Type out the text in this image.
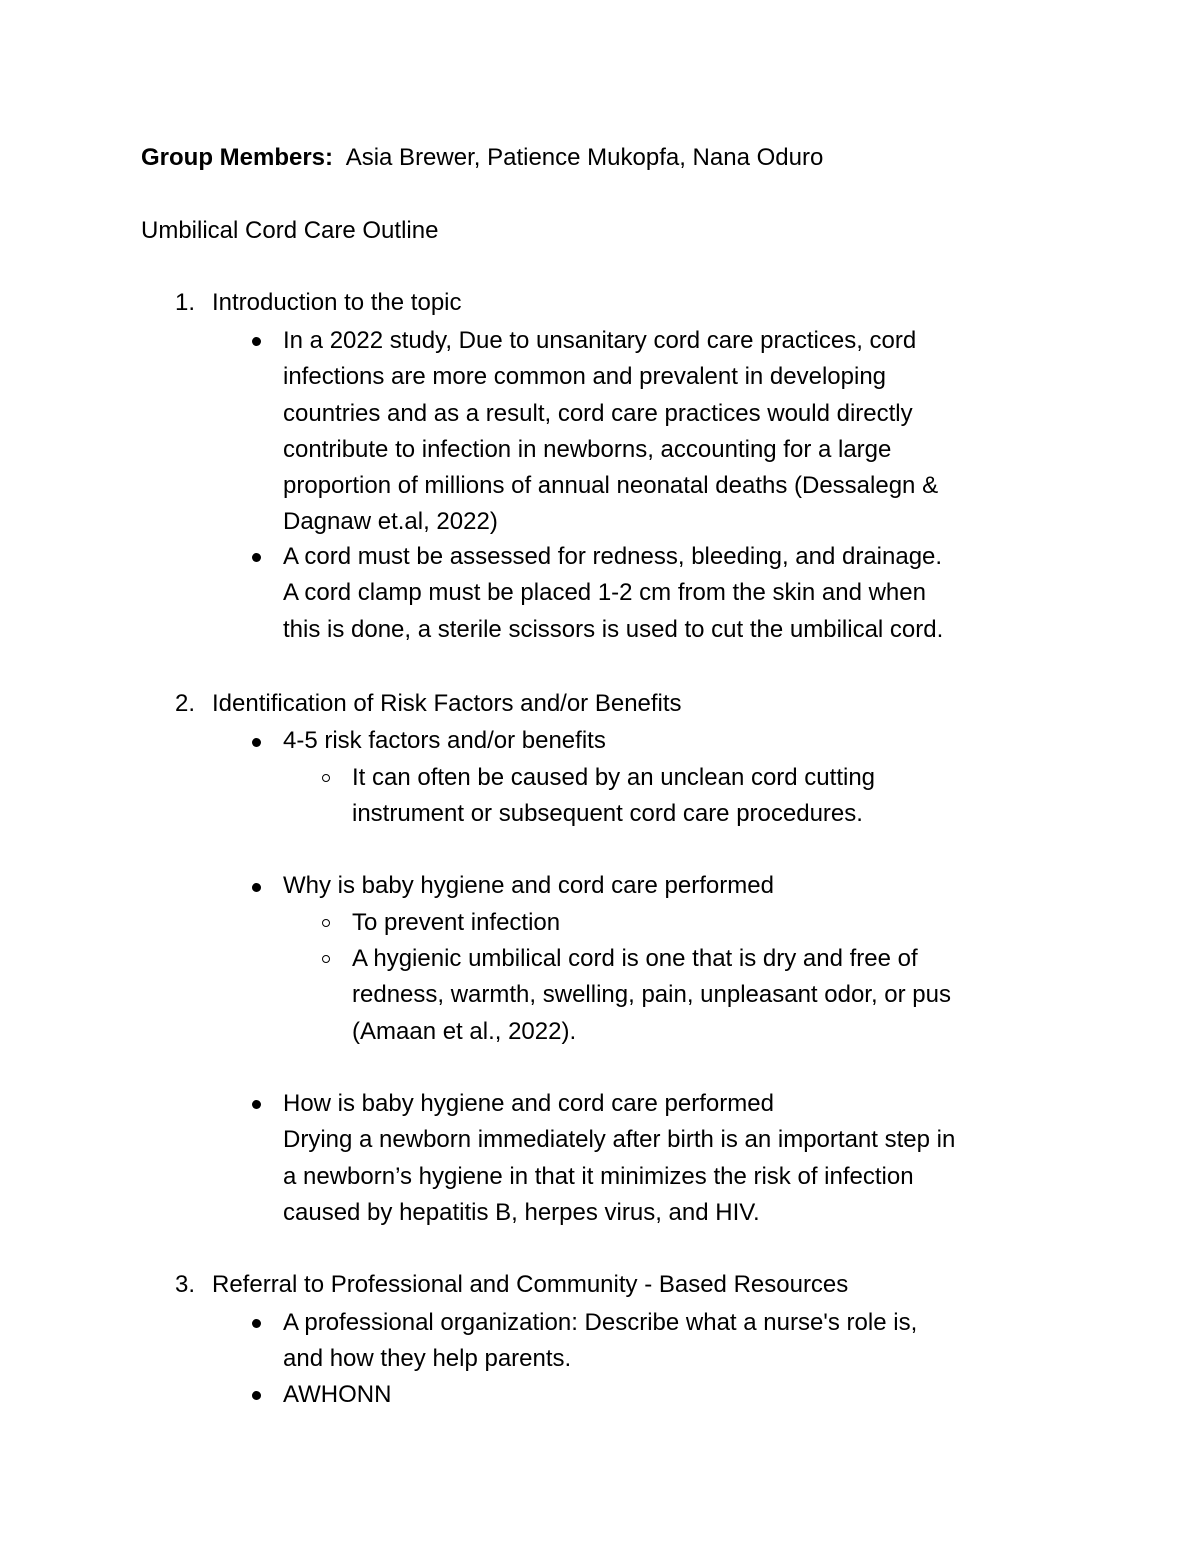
Group Members: Asia Brewer, Patience Mukopfa, Nana Oduro
Umbilical Cord Care Outline
1. Introduction to the topic
In a 2022 study, Due to unsanitary cord care practices, cord
infections are more common and prevalent in developing
countries and as a result, cord care practices would directly
contribute to infection in newborns, accounting for a large
proportion of millions of annual neonatal deaths (Dessalegn &
Dagnaw et.al, 2022)
A cord must be assessed for redness, bleeding, and drainage.
A cord clamp must be placed 1-2 cm from the skin and when
this is done, a sterile scissors is used to cut the umbilical cord.
2. Identification of Risk Factors and/or Benefits
4-5 risk factors and/or benefits
It can often be caused by an unclean cord cutting
instrument or subsequent cord care procedures.
Why is baby hygiene and cord care performed
To prevent infection
A hygienic umbilical cord is one that is dry and free of
redness, warmth, swelling, pain, unpleasant odor, or pus
(Amaan et al., 2022).
How is baby hygiene and cord care performed
Drying a newborn immediately after birth is an important step in
a newborn’s hygiene in that it minimizes the risk of infection
caused by hepatitis B, herpes virus, and HIV.
3. Referral to Professional and Community - Based Resources
A professional organization: Describe what a nurse's role is,
and how they help parents.
AWHONN
